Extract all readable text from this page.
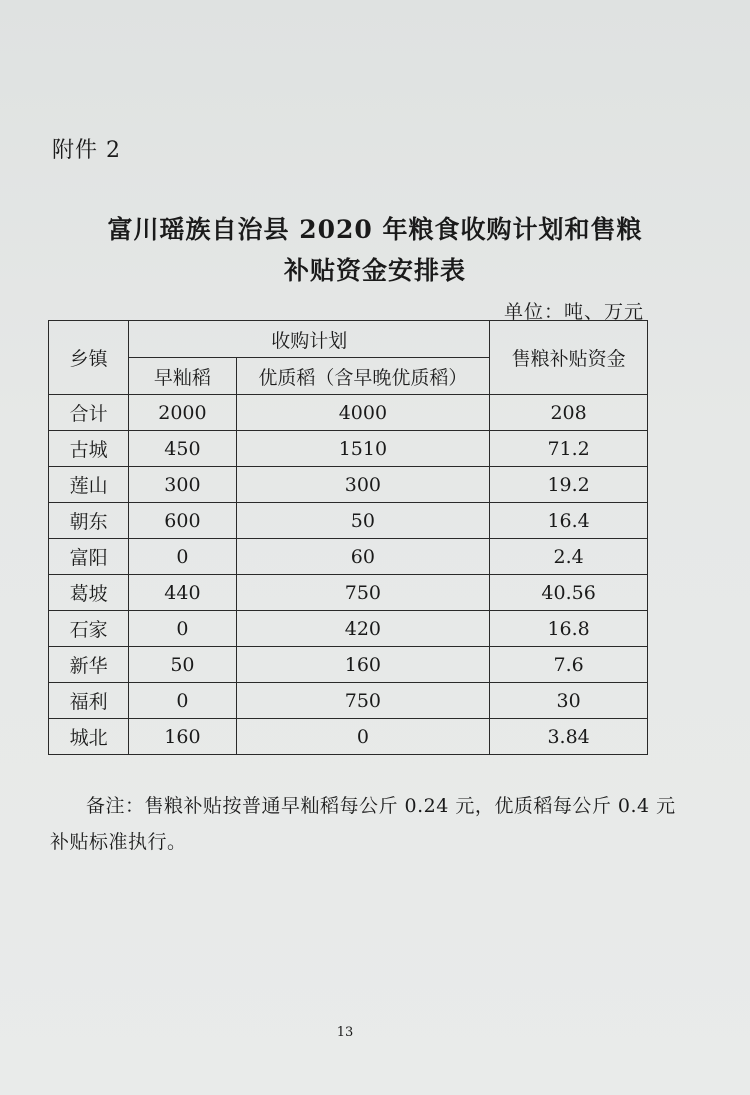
附件 2
富川瑶族自治县 2020 年粮食收购计划和售粮
补贴资金安排表
单位：吨、万元
乡镇	收购计划		售粮补贴资金
	早籼稻	优质稻（含早晚优质稻）	
合计	2000	4000	208
古城	450	1510	71.2
莲山	300	300	19.2
朝东	600	50	16.4
富阳	0	60	2.4
葛坡	440	750	40.56
石家	0	420	16.8
新华	50	160	7.6
福利	0	750	30
城北	160	0	3.84
备注：售粮补贴按普通早籼稻每公斤 0.24 元，优质稻每公斤 0.4 元补贴标准执行。
13
